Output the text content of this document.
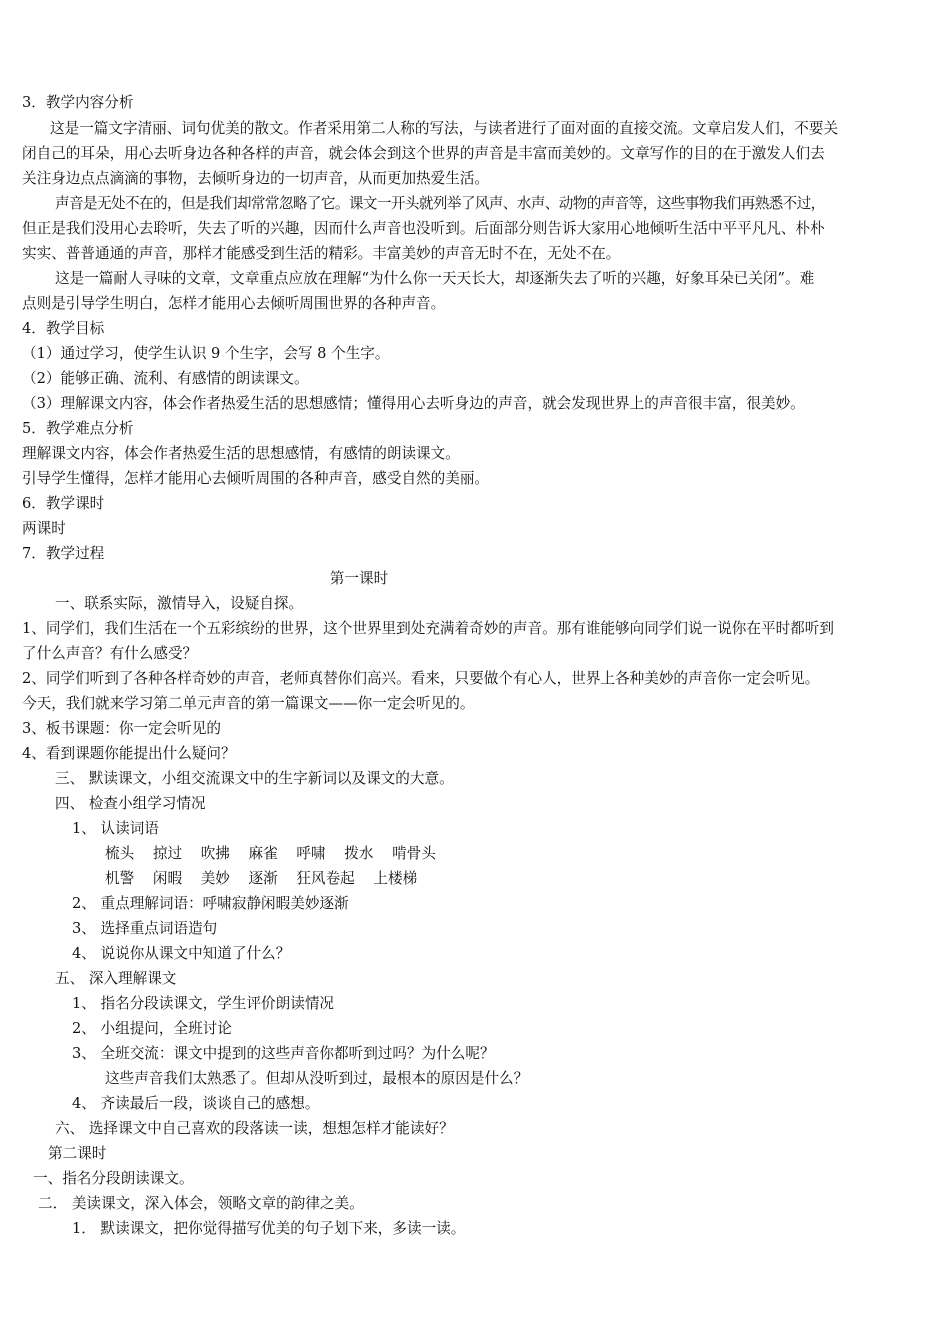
3．教学内容分析
这是一篇文字清丽、词句优美的散文。作者采用第二人称的写法，与读者进行了面对面的直接交流。文章启发人们，不要关
闭自己的耳朵，用心去听身边各种各样的声音，就会体会到这个世界的声音是丰富而美妙的。文章写作的目的在于激发人们去
关注身边点点滴滴的事物，去倾听身边的一切声音，从而更加热爱生活。
声音是无处不在的，但是我们却常常忽略了它。课文一开头就列举了风声、水声、动物的声音等，这些事物我们再熟悉不过，
但正是我们没用心去聆听，失去了听的兴趣，因而什么声音也没听到。后面部分则告诉大家用心地倾听生活中平平凡凡、朴朴
实实、普普通通的声音，那样才能感受到生活的精彩。丰富美妙的声音无时不在，无处不在。
这是一篇耐人寻味的文章，文章重点应放在理解“为什么你一天天长大，却逐渐失去了听的兴趣，好象耳朵已关闭”。难
点则是引导学生明白，怎样才能用心去倾听周围世界的各种声音。
4．教学目标
（1）通过学习，使学生认识 9 个生字，会写 8 个生字。
（2）能够正确、流利、有感情的朗读课文。
（3）理解课文内容，体会作者热爱生活的思想感情；懂得用心去听身边的声音，就会发现世界上的声音很丰富，很美妙。
5．教学难点分析
理解课文内容，体会作者热爱生活的思想感情，有感情的朗读课文。
引导学生懂得，怎样才能用心去倾听周围的各种声音，感受自然的美丽。
6．教学课时
两课时
7．教学过程
第一课时
一、联系实际，激情导入，设疑自探。
1、同学们，我们生活在一个五彩缤纷的世界，这个世界里到处充满着奇妙的声音。那有谁能够向同学们说一说你在平时都听到
了什么声音？有什么感受？
2、同学们听到了各种各样奇妙的声音，老师真替你们高兴。看来，只要做个有心人，世界上各种美妙的声音你一定会听见。
今天，我们就来学习第二单元声音的第一篇课文——你一定会听见的。
3、板书课题：你一定会听见的
4、看到课题你能提出什么疑问？
三、 默读课文，小组交流课文中的生字新词以及课文的大意。
四、 检查小组学习情况
1、 认读词语
梳头 掠过 吹拂 麻雀 呼啸 拨水 啃骨头
机警 闲暇 美妙 逐渐 狂风卷起 上楼梯
2、 重点理解词语：呼啸寂静闲暇美妙逐渐
3、 选择重点词语造句
4、 说说你从课文中知道了什么？
五、 深入理解课文
1、 指名分段读课文，学生评价朗读情况
2、 小组提问，全班讨论
3、 全班交流：课文中提到的这些声音你都听到过吗？为什么呢？
这些声音我们太熟悉了。但却从没听到过，最根本的原因是什么？
4、 齐读最后一段，谈谈自己的感想。
六、 选择课文中自己喜欢的段落读一读，想想怎样才能读好？
第二课时
一、指名分段朗读课文。
二． 美读课文，深入体会，领略文章的韵律之美。
1． 默读课文，把你觉得描写优美的句子划下来，多读一读。
